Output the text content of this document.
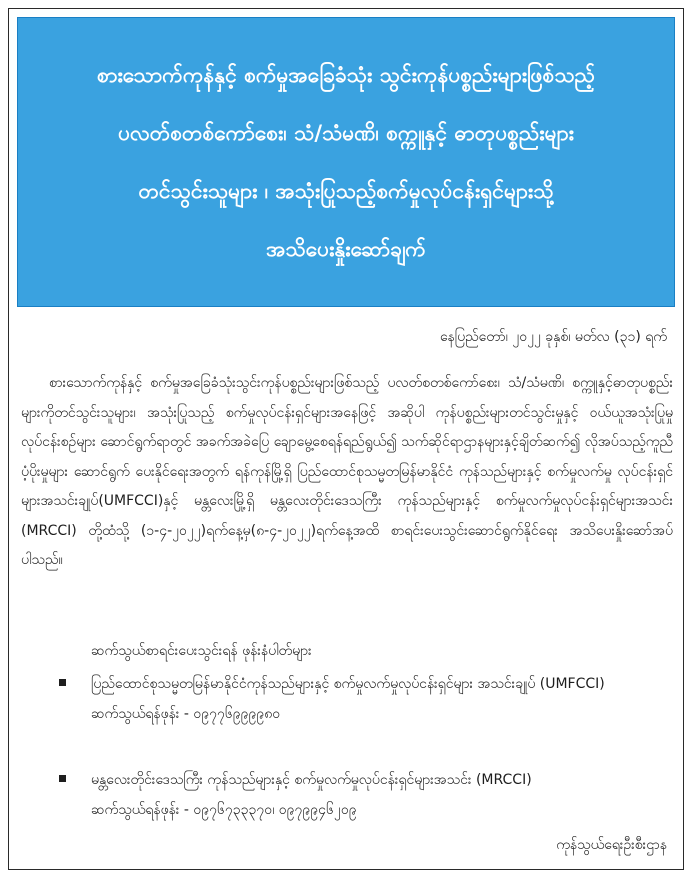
စားသောက်ကုန်နှင့် စက်မှုအခြေခံသုံး သွင်းကုန်ပစ္စည်းများဖြစ်သည့်
ပလတ်စတစ်ကော်စေး၊ သံ/သံမဏိ၊ စက္ကူနှင့် ဓာတုပစ္စည်းများ
တင်သွင်းသူများ ၊ အသုံးပြုသည့်စက်မှုလုပ်ငန်းရှင်များသို့
အသိပေးနှိုးဆော်ချက်
နေပြည်တော်၊ ၂၀၂၂ ခုနှစ်၊ မတ်လ (၃၁) ရက်
စားသောက်ကုန်နှင့် စက်မှုအခြေခံသုံးသွင်းကုန်ပစ္စည်းများဖြစ်သည့် ပလတ်စတစ်ကော်စေး၊ သံ/သံမဏိ၊ စက္ကူနှင့်ဓာတုပစ္စည်းများကိုတင်သွင်းသူများ၊ အသုံးပြုသည့် စက်မှုလုပ်ငန်းရှင်များအနေဖြင့် အဆိုပါ ကုန်ပစ္စည်းများတင်သွင်းမှုနှင့် ဝယ်ယူအသုံးပြုမှုလုပ်ငန်းစဉ်များ ဆောင်ရွက်ရာတွင် အခက်အခဲပြေ ချောမွေ့စေရန်ရည်ရွယ်၍ သက်ဆိုင်ရာဌာနများနှင့်ချိတ်ဆက်၍ လိုအပ်သည့်ကူညီပံ့ပိုးမှုများ ဆောင်ရွက် ပေးနိုင်ရေးအတွက် ရန်ကုန်မြို့ရှိ ပြည်ထောင်စုသမ္မတမြန်မာနိုင်ငံ ကုန်သည်များနှင့် စက်မှုလက်မှု လုပ်ငန်းရှင်များအသင်းချုပ်(UMFCCI)နှင့် မန္တလေးမြို့ရှိ မန္တလေးတိုင်းဒေသကြီး ကုန်သည်များနှင့် စက်မှုလက်မှုလုပ်ငန်းရှင်များအသင်း (MRCCI) တို့ထံသို့ (၁-၄-၂၀၂၂)ရက်နေ့မှ(၈-၄-၂၀၂၂)ရက်နေ့အထိ စာရင်းပေးသွင်းဆောင်ရွက်နိုင်ရေး အသိပေးနှိုးဆော်အပ်ပါသည်။
ဆက်သွယ်စာရင်းပေးသွင်းရန် ဖုန်းနံပါတ်များ
ပြည်ထောင်စုသမ္မတမြန်မာနိုင်ငံကုန်သည်များနှင့် စက်မှုလက်မှုလုပ်ငန်းရှင်များ အသင်းချုပ် (UMFCCI)
ဆက်သွယ်ရန်ဖုန်း - ၀၉၇၇၆၉၉၉၉၈၀
မန္တလေးတိုင်းဒေသကြီး ကုန်သည်များနှင့် စက်မှုလက်မှုလုပ်ငန်းရှင်များအသင်း (MRCCI)
ဆက်သွယ်ရန်ဖုန်း - ၀၉၇၆၇၃၃၃၇၀၊ ၀၉၇၉၉၄၆၂၀၉
ကုန်သွယ်ရေးဦးစီးဌာန
